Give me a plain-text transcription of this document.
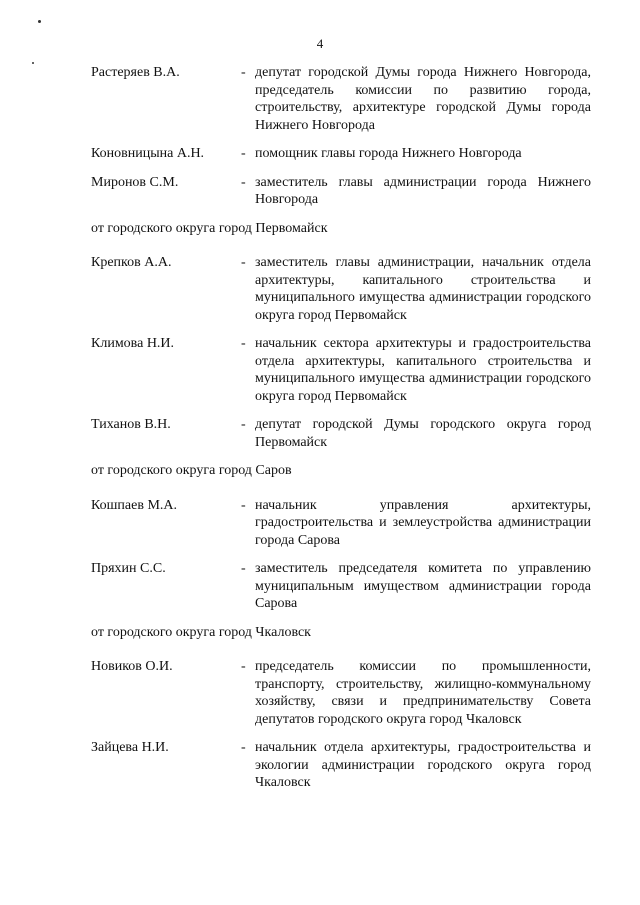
4
Растеряев В.А.	- депутат городской Думы города Нижнего Новгорода, председатель комиссии по развитию города, строительству, архитектуре городской Думы города Нижнего Новгорода
Коновницына А.Н.	- помощник главы города Нижнего Новгорода
Миронов С.М.	- заместитель главы администрации города Нижнего Новгорода
от городского округа город Первомайск
Крепков А.А.	- заместитель главы администрации, начальник отдела архитектуры, капитального строительства и муниципального имущества администрации городского округа город Первомайск
Климова Н.И.	- начальник сектора архитектуры и градостроительства отдела архитектуры, капитального строительства и муниципального имущества администрации городского округа город Первомайск
Тиханов В.Н.	- депутат городской Думы городского округа город Первомайск
от городского округа город Саров
Кошпаев М.А.	- начальник управления архитектуры, градостроительства и землеустройства администрации города Сарова
Пряхин С.С.	- заместитель председателя комитета по управлению муниципальным имуществом администрации города Сарова
от городского округа город Чкаловск
Новиков О.И.	- председатель комиссии по промышленности, транспорту, строительству, жилищно-коммунальному хозяйству, связи и предпринимательству Совета депутатов городского округа город Чкаловск
Зайцева Н.И.	- начальник отдела архитектуры, градостроительства и экологии администрации городского округа город Чкаловск
